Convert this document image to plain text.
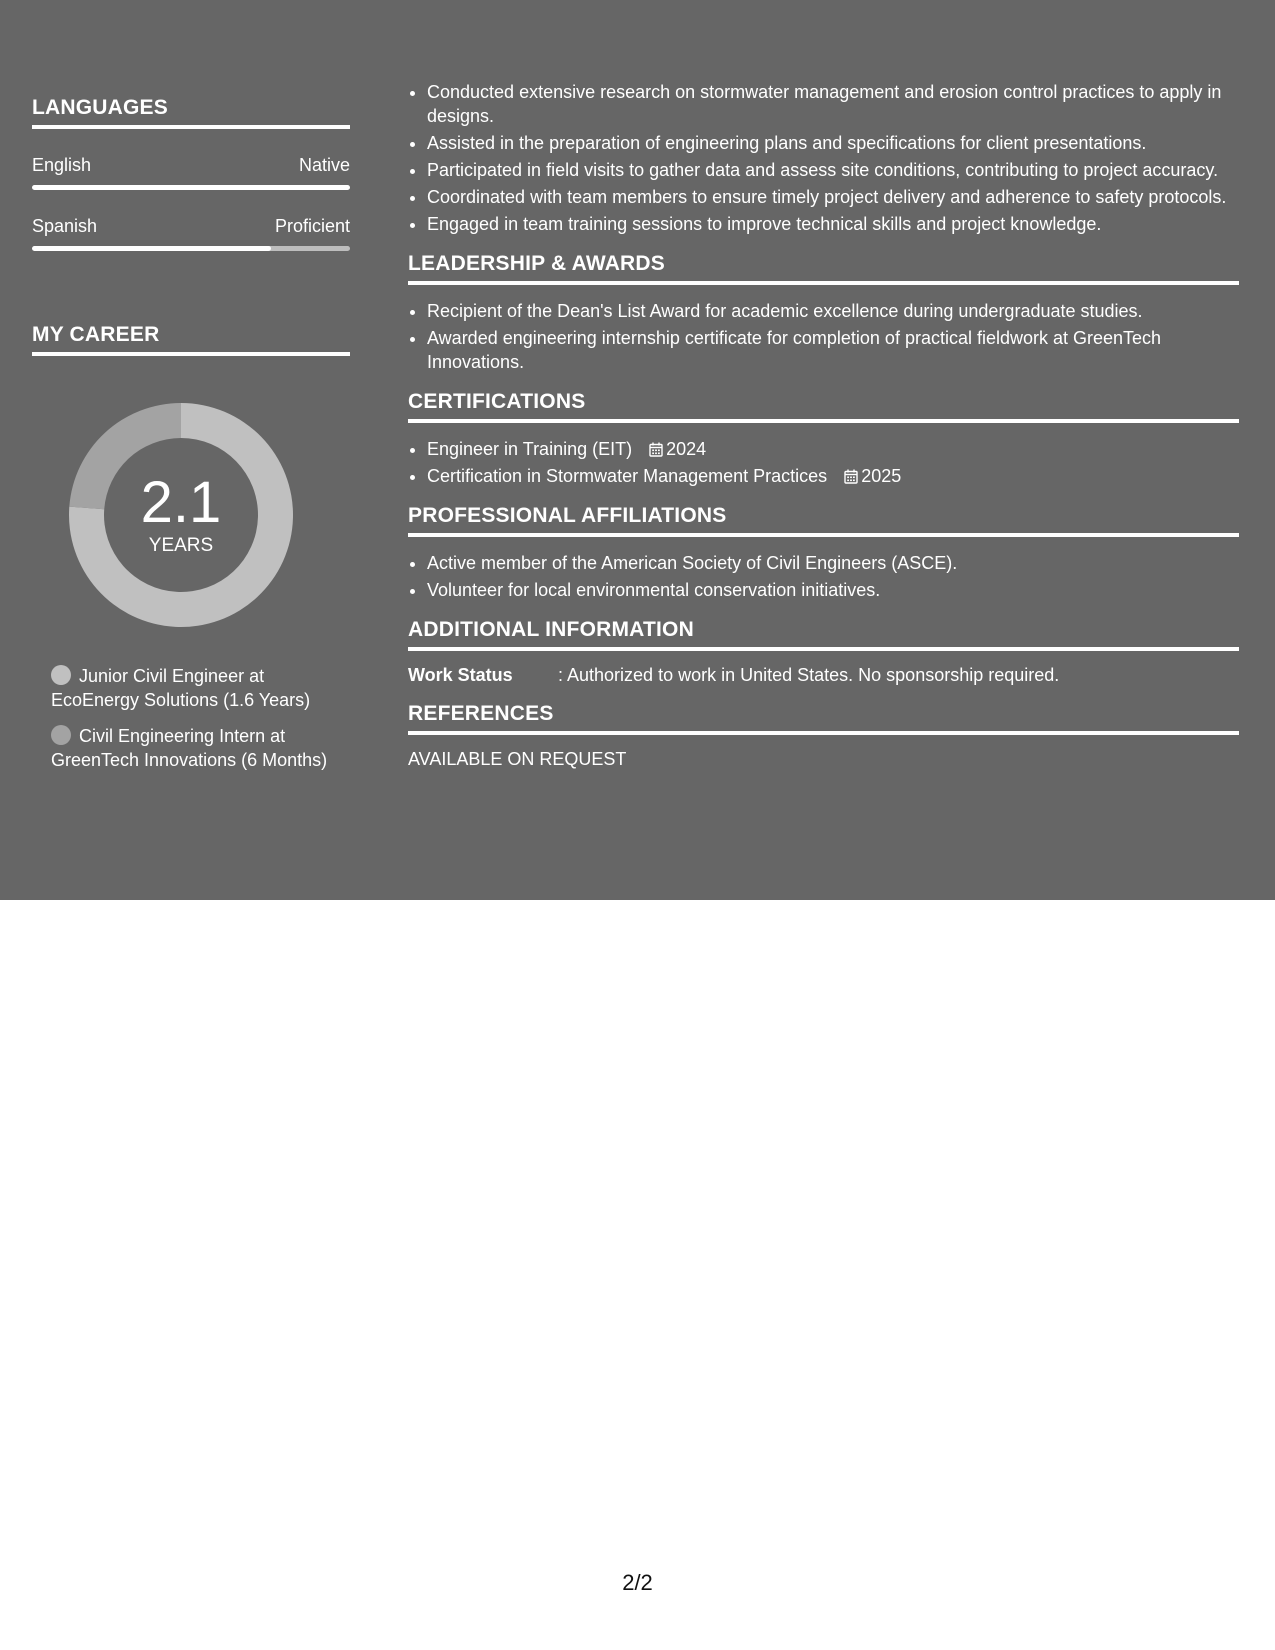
LANGUAGES
English	Native
Spanish	Proficient
MY CAREER
2.1
YEARS
Junior Civil Engineer at EcoEnergy Solutions (1.6 Years)
Civil Engineering Intern at GreenTech Innovations (6 Months)
• Conducted extensive research on stormwater management and erosion control practices to apply in designs.
• Assisted in the preparation of engineering plans and specifications for client presentations.
• Participated in field visits to gather data and assess site conditions, contributing to project accuracy.
• Coordinated with team members to ensure timely project delivery and adherence to safety protocols.
• Engaged in team training sessions to improve technical skills and project knowledge.
LEADERSHIP & AWARDS
• Recipient of the Dean's List Award for academic excellence during undergraduate studies.
• Awarded engineering internship certificate for completion of practical fieldwork at GreenTech Innovations.
CERTIFICATIONS
• Engineer in Training (EIT) 2024
• Certification in Stormwater Management Practices 2025
PROFESSIONAL AFFILIATIONS
• Active member of the American Society of Civil Engineers (ASCE).
• Volunteer for local environmental conservation initiatives.
ADDITIONAL INFORMATION
Work Status	: Authorized to work in United States. No sponsorship required.
REFERENCES
AVAILABLE ON REQUEST
2/2
